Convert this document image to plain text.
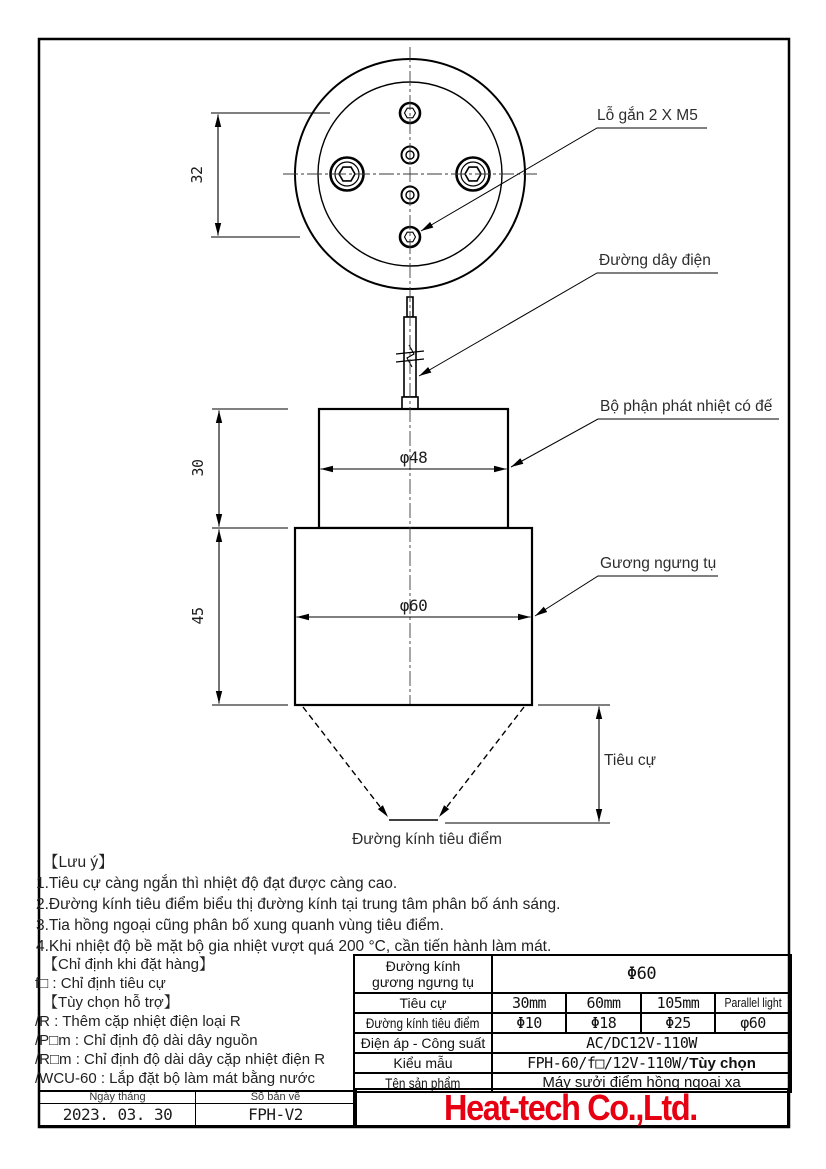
Lỗ gắn 2 X M5
Đường dây điện
Bộ phận phát nhiệt có đế
Gương ngưng tụ
Tiêu cự
Đường kính tiêu điểm
32
30
45
φ48
φ60
【Lưu ý】
1.Tiêu cự càng ngắn thì nhiệt độ đạt được càng cao.
2.Đường kính tiêu điểm biểu thị đường kính tại trung tâm phân bố ánh sáng.
3.Tia hồng ngoại cũng phân bố xung quanh vùng tiêu điểm.
4.Khi nhiệt độ bề mặt bộ gia nhiệt vượt quá 200 °C, cần tiến hành làm mát.
【Chỉ định khi đặt hàng】
f□ : Chỉ định tiêu cự
【Tùy chọn hỗ trợ】
/R : Thêm cặp nhiệt điện loại R
/P□m : Chỉ định độ dài dây nguồn
/R□m : Chỉ định độ dài dây cặp nhiệt điện R
/WCU-60 : Lắp đặt bộ làm mát bằng nước
Đường kính
gương ngưng tụ	Φ60			
Tiêu cự	30mm	60mm	105mm	Parallel light
Đường kính tiêu điểm	Φ10	Φ18	Φ25	φ60
Điện áp - Công suất	AC/DC12V-110W			
Kiểu mẫu	FPH-60/f□/12V-110W/Tùy chọn			
Tên sản phẩm	Máy sưởi điểm hồng ngoại xa			
Ngày tháng	Số bản vẽ
2023. 03. 30	FPH-V2	Heat-tech Co.,Ltd.
